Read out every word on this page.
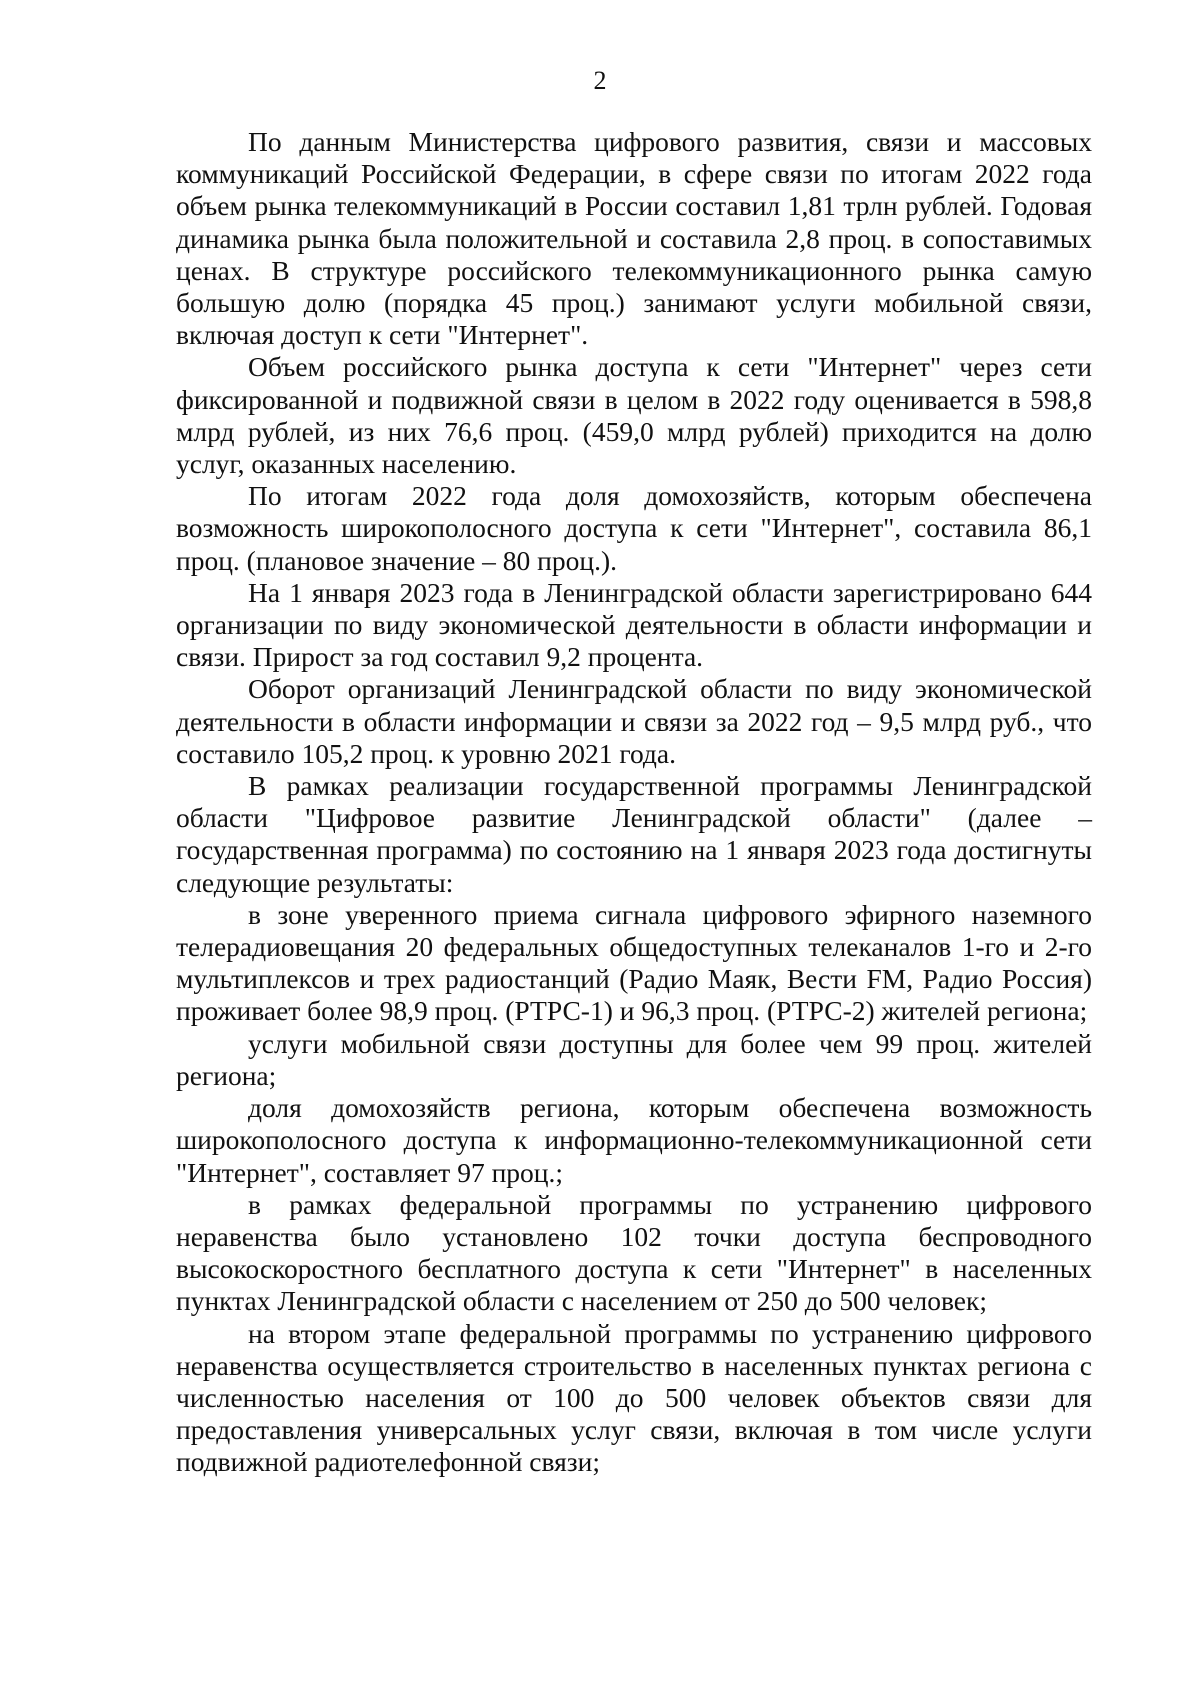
2

По данным Министерства цифрового развития, связи и массовых коммуникаций Российской Федерации, в сфере связи по итогам 2022 года объем рынка телекоммуникаций в России составил 1,81 трлн рублей. Годовая динамика рынка была положительной и составила 2,8 проц. в сопоставимых ценах. В структуре российского телекоммуникационного рынка самую большую долю (порядка 45 проц.) занимают услуги мобильной связи, включая доступ к сети "Интернет".

Объем российского рынка доступа к сети "Интернет" через сети фиксированной и подвижной связи в целом в 2022 году оценивается в 598,8 млрд рублей, из них 76,6 проц. (459,0 млрд рублей) приходится на долю услуг, оказанных населению.

По итогам 2022 года доля домохозяйств, которым обеспечена возможность широкополосного доступа к сети "Интернет", составила 86,1 проц. (плановое значение – 80 проц.).

На 1 января 2023 года в Ленинградской области зарегистрировано 644 организации по виду экономической деятельности в области информации и связи. Прирост за год составил 9,2 процента.

Оборот организаций Ленинградской области по виду экономической деятельности в области информации и связи за 2022 год – 9,5 млрд руб., что составило 105,2 проц. к уровню 2021 года.

В рамках реализации государственной программы Ленинградской области "Цифровое развитие Ленинградской области" (далее – государственная программа) по состоянию на 1 января 2023 года достигнуты следующие результаты:

в зоне уверенного приема сигнала цифрового эфирного наземного телерадиовещания 20 федеральных общедоступных телеканалов 1-го и 2-го мультиплексов и трех радиостанций (Радио Маяк, Вести FM, Радио Россия) проживает более 98,9 проц. (РТРС-1) и 96,3 проц. (РТРС-2) жителей региона;

услуги мобильной связи доступны для более чем 99 проц. жителей региона;

доля домохозяйств региона, которым обеспечена возможность широкополосного доступа к информационно-телекоммуникационной сети "Интернет", составляет 97 проц.;

в рамках федеральной программы по устранению цифрового неравенства было установлено 102 точки доступа беспроводного высокоскоростного бесплатного доступа к сети "Интернет" в населенных пунктах Ленинградской области с населением от 250 до 500 человек;

на втором этапе федеральной программы по устранению цифрового неравенства осуществляется строительство в населенных пунктах региона с численностью населения от 100 до 500 человек объектов связи для предоставления универсальных услуг связи, включая в том числе услуги подвижной радиотелефонной связи;
